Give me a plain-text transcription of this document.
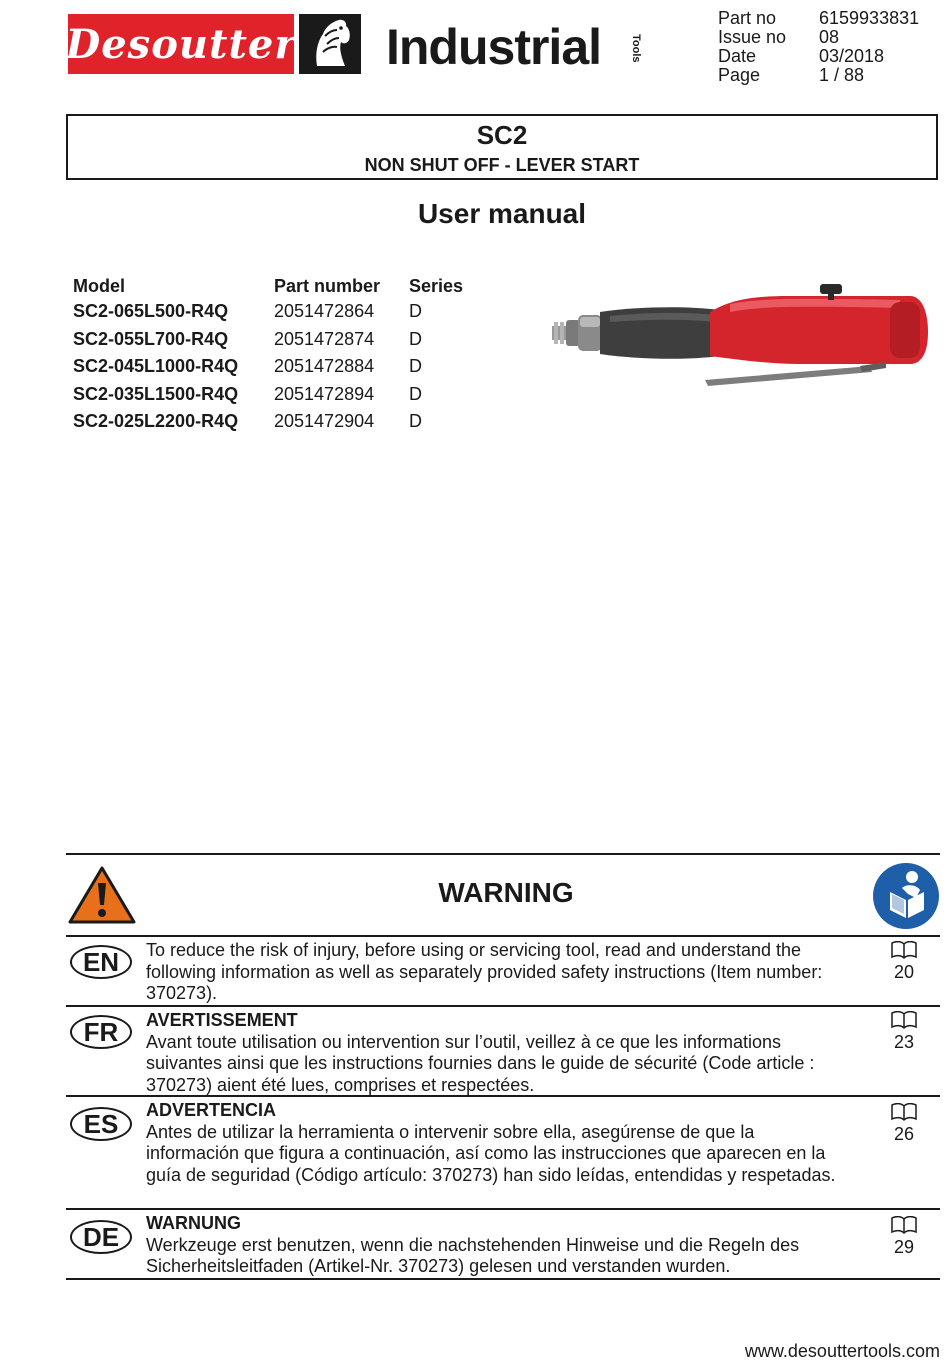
Desoutter Industrial	Tools
Part no	6159933831
Issue no	08
Date	03/2018
Page	1 / 88
SC2
NON SHUT OFF - LEVER START
User manual
Model	Part number	Series
SC2-065L500-R4Q	2051472864	D
SC2-055L700-R4Q	2051472874	D
SC2-045L1000-R4Q	2051472884	D
SC2-035L1500-R4Q	2051472894	D
SC2-025L2200-R4Q	2051472904	D
WARNING
EN	To reduce the risk of injury, before using or servicing tool, read and understand the following information as well as separately provided safety instructions (Item number: 370273).
20
FR	AVERTISSEMENT
Avant toute utilisation ou intervention sur l’outil, veillez à ce que les informations suivantes ainsi que les instructions fournies dans le guide de sécurité (Code article : 370273) aient été lues, comprises et respectées.
23
ES	ADVERTENCIA
Antes de utilizar la herramienta o intervenir sobre ella, asegúrense de que la información que figura a continuación, así como las instrucciones que aparecen en la guía de seguridad (Código artículo: 370273) han sido leídas, entendidas y respetadas.
26
DE	WARNUNG
Werkzeuge erst benutzen, wenn die nachstehenden Hinweise und die Regeln des Sicherheitsleitfaden (Artikel-Nr. 370273) gelesen und verstanden wurden.
29
www.desouttertools.com
